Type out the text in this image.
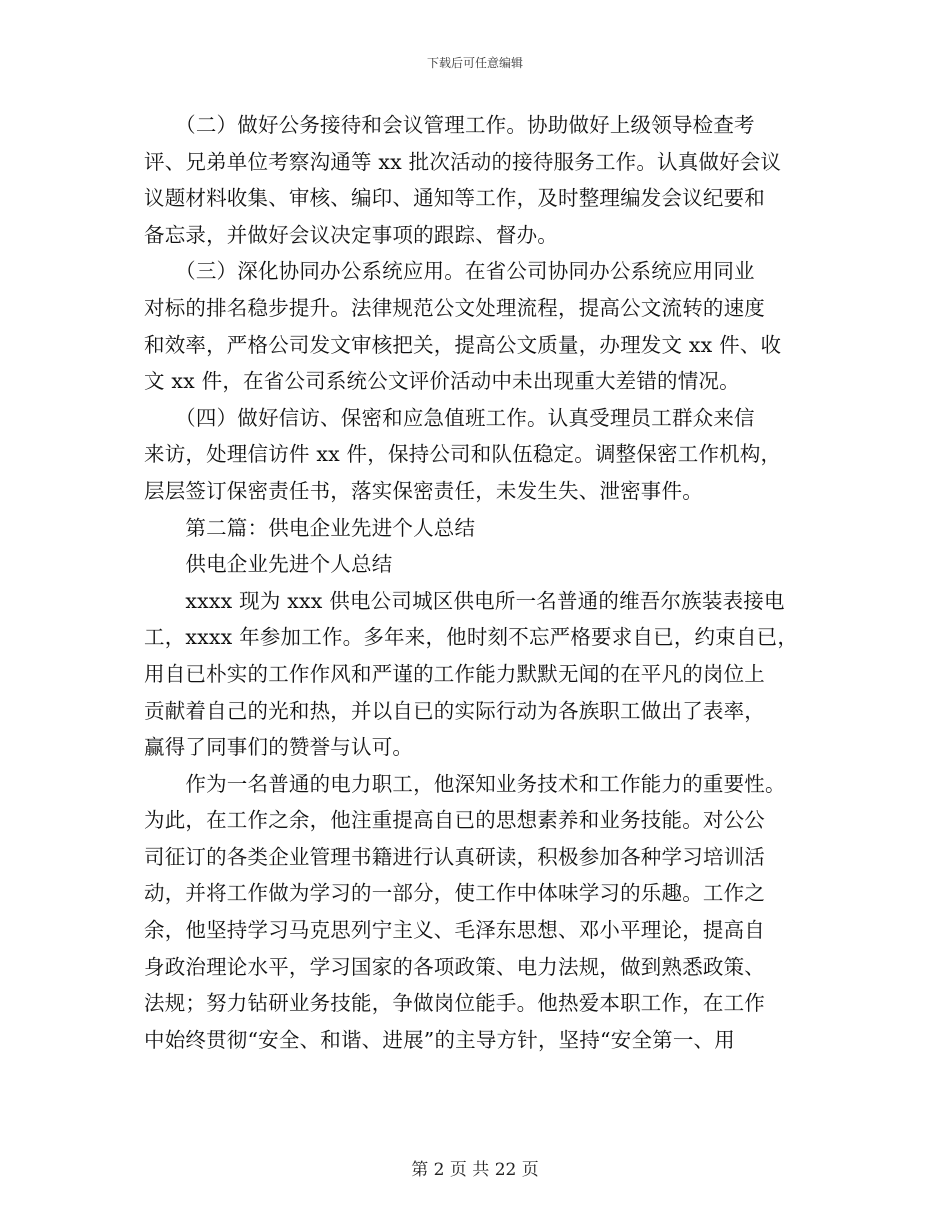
下载后可任意编辑
　　（二）做好公务接待和会议管理工作。协助做好上级领导检查考
评、兄弟单位考察沟通等 xx 批次活动的接待服务工作。认真做好会议
议题材料收集、审核、编印、通知等工作，及时整理编发会议纪要和
备忘录，并做好会议决定事项的跟踪、督办。
　　（三）深化协同办公系统应用。在省公司协同办公系统应用同业
对标的排名稳步提升。法律规范公文处理流程，提高公文流转的速度
和效率，严格公司发文审核把关，提高公文质量，办理发文 xx 件、收
文 xx 件，在省公司系统公文评价活动中未出现重大差错的情况。
　　（四）做好信访、保密和应急值班工作。认真受理员工群众来信
来访，处理信访件 xx 件，保持公司和队伍稳定。调整保密工作机构，
层层签订保密责任书，落实保密责任，未发生失、泄密事件。
　　第二篇：供电企业先进个人总结
　　供电企业先进个人总结
　　xxxx 现为 xxx 供电公司城区供电所一名普通的维吾尔族装表接电
工，xxxx 年参加工作。多年来，他时刻不忘严格要求自已，约束自已，
用自已朴实的工作作风和严谨的工作能力默默无闻的在平凡的岗位上
贡献着自己的光和热，并以自已的实际行动为各族职工做出了表率，
赢得了同事们的赞誉与认可。
　　作为一名普通的电力职工，他深知业务技术和工作能力的重要性。
为此，在工作之余，他注重提高自已的思想素养和业务技能。对公公
司征订的各类企业管理书籍进行认真研读，积极参加各种学习培训活
动，并将工作做为学习的一部分，使工作中体味学习的乐趣。工作之
余，他坚持学习马克思列宁主义、毛泽东思想、邓小平理论，提高自
身政治理论水平，学习国家的各项政策、电力法规，做到熟悉政策、
法规；努力钻研业务技能，争做岗位能手。他热爱本职工作，在工作
中始终贯彻“安全、和谐、进展”的主导方针，坚持“安全第一、用
第 2 页 共 22 页
